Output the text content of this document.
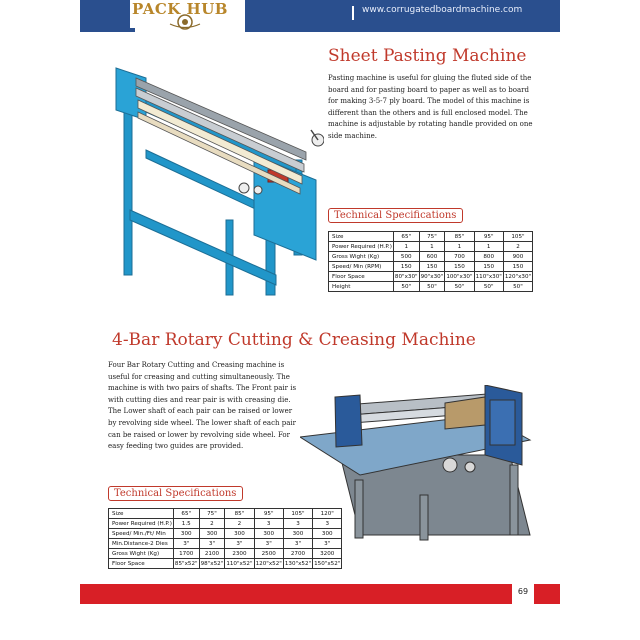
www.corrugatedboardmachine.com
PACK HUB
Sheet Pasting Machine
Pasting machine is useful for gluing the fluted side of the board and for pasting board to paper as well as to board for making 3-5-7 ply board. The model of this machine is different than the others and is full enclosed model. The machine is adjustable by rotating handle provided on one side machine.
Technical Specifications
Size	65"	75"	85"	95"	105"
Power Required (H.P.)	1	1	1	1	2
Gross Wight (Kg)	500	600	700	800	900
Speed/ Min (RPM)	150	150	150	150	150
Floor Space	80"x30"	90"x30"	100"x30"	110"x30"	120"x30"
Height	50"	50"	50"	50"	50"
4-Bar Rotary Cutting & Creasing Machine
Four Bar Rotary Cutting and Creasing machine is useful for creasing and cutting simultaneously. The machine is with two pairs of shafts. The Front pair is with cutting dies and rear pair is with creasing die. The Lower shaft of each pair can be raised or lower by revolving side wheel. The lower shaft of each pair can be raised or lower by revolving side wheel. For easy feeding two guides are provided.
Technical Specifications
Size	65"	75"	85"	95"	105"	120"
Power Required (H.P.)	1.5	2	2	3	3	3
Speed/ Min./Ft/ Min	300	300	300	300	300	300
Min.Distance-2 Dies	3"	3"	3"	3"	3"	3"
Gross Wight (Kg)	1700	2100	2300	2500	2700	3200
Floor Space	85"x52"	98"x52"	110"x52"	120"x52"	130"x52"	150"x52"
69
